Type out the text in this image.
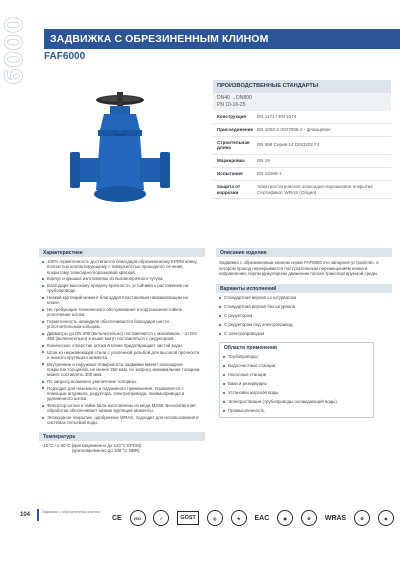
6000 ЗАДВИЖКА С ОБРЕЗИНЕННЫМ КЛИНОМ
FAF6000
ПРОИЗВОДСТВЕННЫЕ СТАНДАРТЫ
DN40 →DN800
PN 10-16-25
Конструкция	EN 1171 / EN 1074
Присоединение	EN 1092-2 ISO7005-2 - фланцевое
Строительная длина	EN 558 Серия 14 DIN3202 F4
Маркировка	EN 19
Испытания	EN 12266-1
Защита от коррозии	Электростатическое эпоксидно-порошковое покрытие Сертификат WRAS (Опция)
Характеристики
100% герметичность достигается благодаря обрезиненному EPDM клину, полностью контактирующему с поверхностью проходного сечения, покрытому эпоксидно-порошковой краской.
Корпус и крышка изготовлены из высокопрочного чугуна.
Благодаря высокому пределу прочности, устойчива к растяжению на трубопроводе.
Низкий крутящий момент благодаря пластиковым направляющим на клине.
Не требующие технического обслуживания и коррозионностойкое уплотнение штока.
Герметичность шпинделя обеспечивается благодаря шести уплотнительным кольцам.
Диаметры до DN 300 (включительно) поставляются с маховиком, - от DN 350 (включительно) и выше могут поставляться с редуктором.
Коническое отверстие штока в клине предотвращает застой воды.
Шток из нержавеющей стали с усиленной резьбой для высокой прочности и низкого крутящего момента.
Внутренние и наружные поверхности задвижки имеют эпоксидное покрытие толщиной, не менее 250 мкм, по запросу минимальная толщина может составлять 300 мкм.
По запросу возможно увеличение толщины.
Подходит для наземного и подземного применения. Управляется с помощью штурвала, редуктора, электропривода, пневмопривода и удлиненного штока.
Фиксатор штока и гайки вала изготовлены из меди MS58. Бесконтактная обработка обеспечивает низкие крутящие моменты.
Эпоксидное покрытие, одобренное WRAS, подходит для использования в системах питьевой воды.
Температура
-10°C / ≤ 80°C (кратковременно до 120°C EPDM)
(кратковременно до 100 °C NBR)
Описание изделия
Задвижка с обрезиненным клином серии FAF6000 это запорное устройство, в котором проход перекрывается поступательным перемещением клина в направлении, перпендикулярном движению потока транспортируемой среды.
Варианты исполнений
Стандартная версия со штурвалом
Стандартная версия без штурвала
С редуктором
С редуктором под электропривод
С электроприводом
Области применения
Трубопроводы
Водоочистные станции
Насосные станции
Баки и резервуары
Установки морской воды
Электростанции (трубопроводы охлаждающей воды)
Промышленность
104	Задвижки с обрезиненным клином
CE	ISO	✓	GOST	◎	★	EAC	◉	✿	WRAS	⚙	◈
